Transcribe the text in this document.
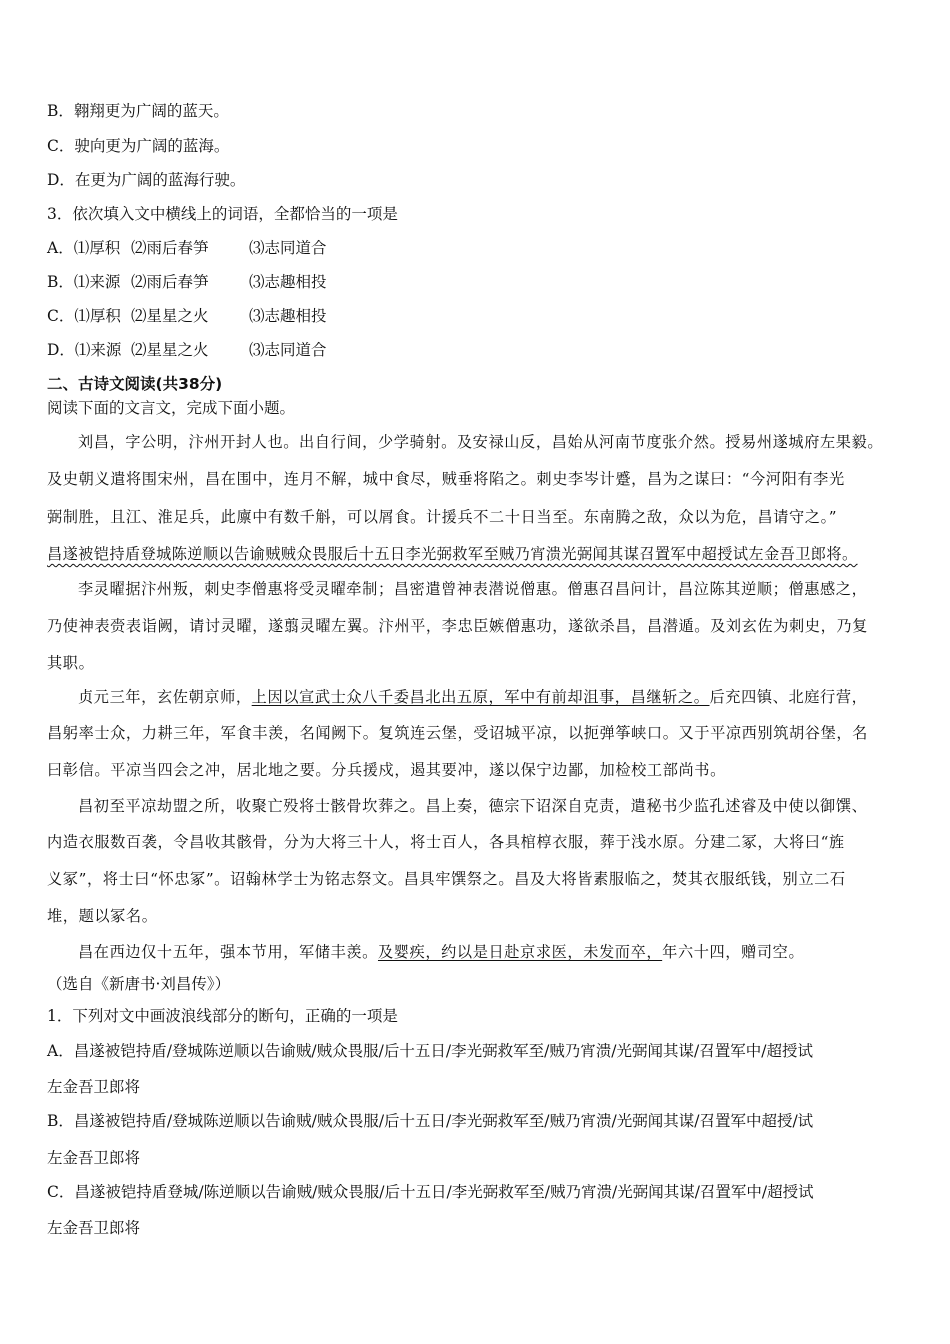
B．翱翔更为广阔的蓝天。
C．驶向更为广阔的蓝海。
D．在更为广阔的蓝海行驶。
3．依次填入文中横线上的词语，全都恰当的一项是
A．⑴厚积 ⑵雨后春笋	⑶志同道合
B．⑴来源 ⑵雨后春笋	⑶志趣相投
C．⑴厚积 ⑵星星之火	⑶志趣相投
D．⑴来源 ⑵星星之火	⑶志同道合
二、古诗文阅读(共38分)
阅读下面的文言文，完成下面小题。
刘昌，字公明，汴州开封人也。出自行间，少学骑射。及安禄山反，昌始从河南节度张介然。授易州遂城府左果毅。
及史朝义遣将围宋州，昌在围中，连月不解，城中食尽，贼垂将陷之。刺史李岑计蹙，昌为之谋曰：“今河阳有李光
弼制胜，且江、淮足兵，此廪中有数千斛，可以屑食。计援兵不二十日当至。东南腾之敌，众以为危，昌请守之。”
昌遂被铠持盾登城陈逆顺以告谕贼贼众畏服后十五日李光弼救军至贼乃宵溃光弼闻其谋召置军中超授试左金吾卫郎将。
李灵曜据汴州叛，刺史李僧惠将受灵曜牵制；昌密遣曾神表潜说僧惠。僧惠召昌问计，昌泣陈其逆顺；僧惠感之，
乃使神表赍表诣阙，请讨灵曜，遂翦灵曜左翼。汴州平，李忠臣嫉僧惠功，遂欲杀昌，昌潜遁。及刘玄佐为刺史，乃复
其职。
贞元三年，玄佐朝京师，上因以宣武士众八千委昌北出五原，军中有前却沮事，昌继斩之。后充四镇、北庭行营，
昌躬率士众，力耕三年，军食丰羡，名闻阙下。复筑连云堡，受诏城平凉，以扼弹筝峡口。又于平凉西别筑胡谷堡，名
曰彰信。平凉当四会之冲，居北地之要。分兵援戍，遏其要冲，遂以保宁边鄙，加检校工部尚书。
昌初至平凉劫盟之所，收聚亡殁将士骸骨坎葬之。昌上奏，德宗下诏深自克责，遣秘书少监孔述睿及中使以御馔、
内造衣服数百袭，令昌收其骸骨，分为大将三十人，将士百人，各具棺椁衣服，葬于浅水原。分建二冢，大将曰“旌
义冢”，将士曰“怀忠冢”。诏翰林学士为铭志祭文。昌具牢馔祭之。昌及大将皆素服临之，焚其衣服纸钱，别立二石
堆，题以冢名。
昌在西边仅十五年，强本节用，军储丰羡。及婴疾，约以是日赴京求医，未发而卒，年六十四，赠司空。
（选自《新唐书·刘昌传》）
1．下列对文中画波浪线部分的断句，正确的一项是
A．昌遂被铠持盾/登城陈逆顺以告谕贼/贼众畏服/后十五日/李光弼救军至/贼乃宵溃/光弼闻其谋/召置军中/超授试
左金吾卫郎将
B．昌遂被铠持盾/登城陈逆顺以告谕贼/贼众畏服/后十五日/李光弼救军至/贼乃宵溃/光弼闻其谋/召置军中超授/试
左金吾卫郎将
C．昌遂被铠持盾登城/陈逆顺以告谕贼/贼众畏服/后十五日/李光弼救军至/贼乃宵溃/光弼闻其谋/召置军中/超授试
左金吾卫郎将
